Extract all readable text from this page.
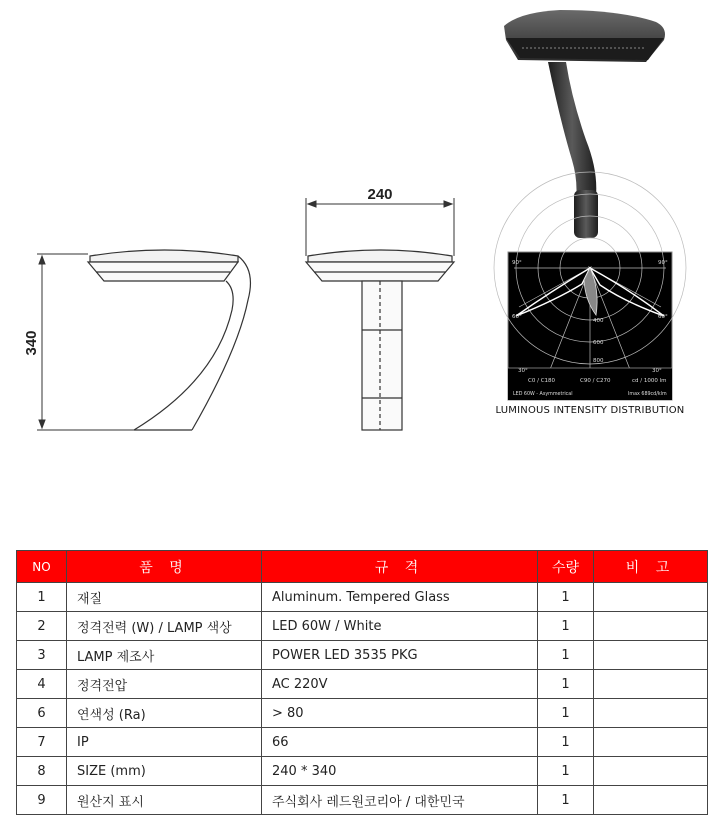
340
240
90°	90°
60°	60°
30°	30°
400
600
800
C0 / C180	C90 / C270	cd / 1000 lm
LED 60W - Asymmetrical	Imax 689cd/klm
LUMINOUS INTENSITY DISTRIBUTION
NO	품 명	규 격	수량	비 고
1	재질	Aluminum. Tempered Glass	1	
2	정격전력 (W) / LAMP 색상	LED 60W / White	1	
3	LAMP 제조사	POWER LED 3535 PKG	1	
4	정격전압	AC 220V	1	
6	연색성 (Ra)	> 80	1	
7	IP	66	1	
8	SIZE (mm)	240 * 340	1	
9	원산지 표시	주식회사 레드원코리아 / 대한민국	1	
